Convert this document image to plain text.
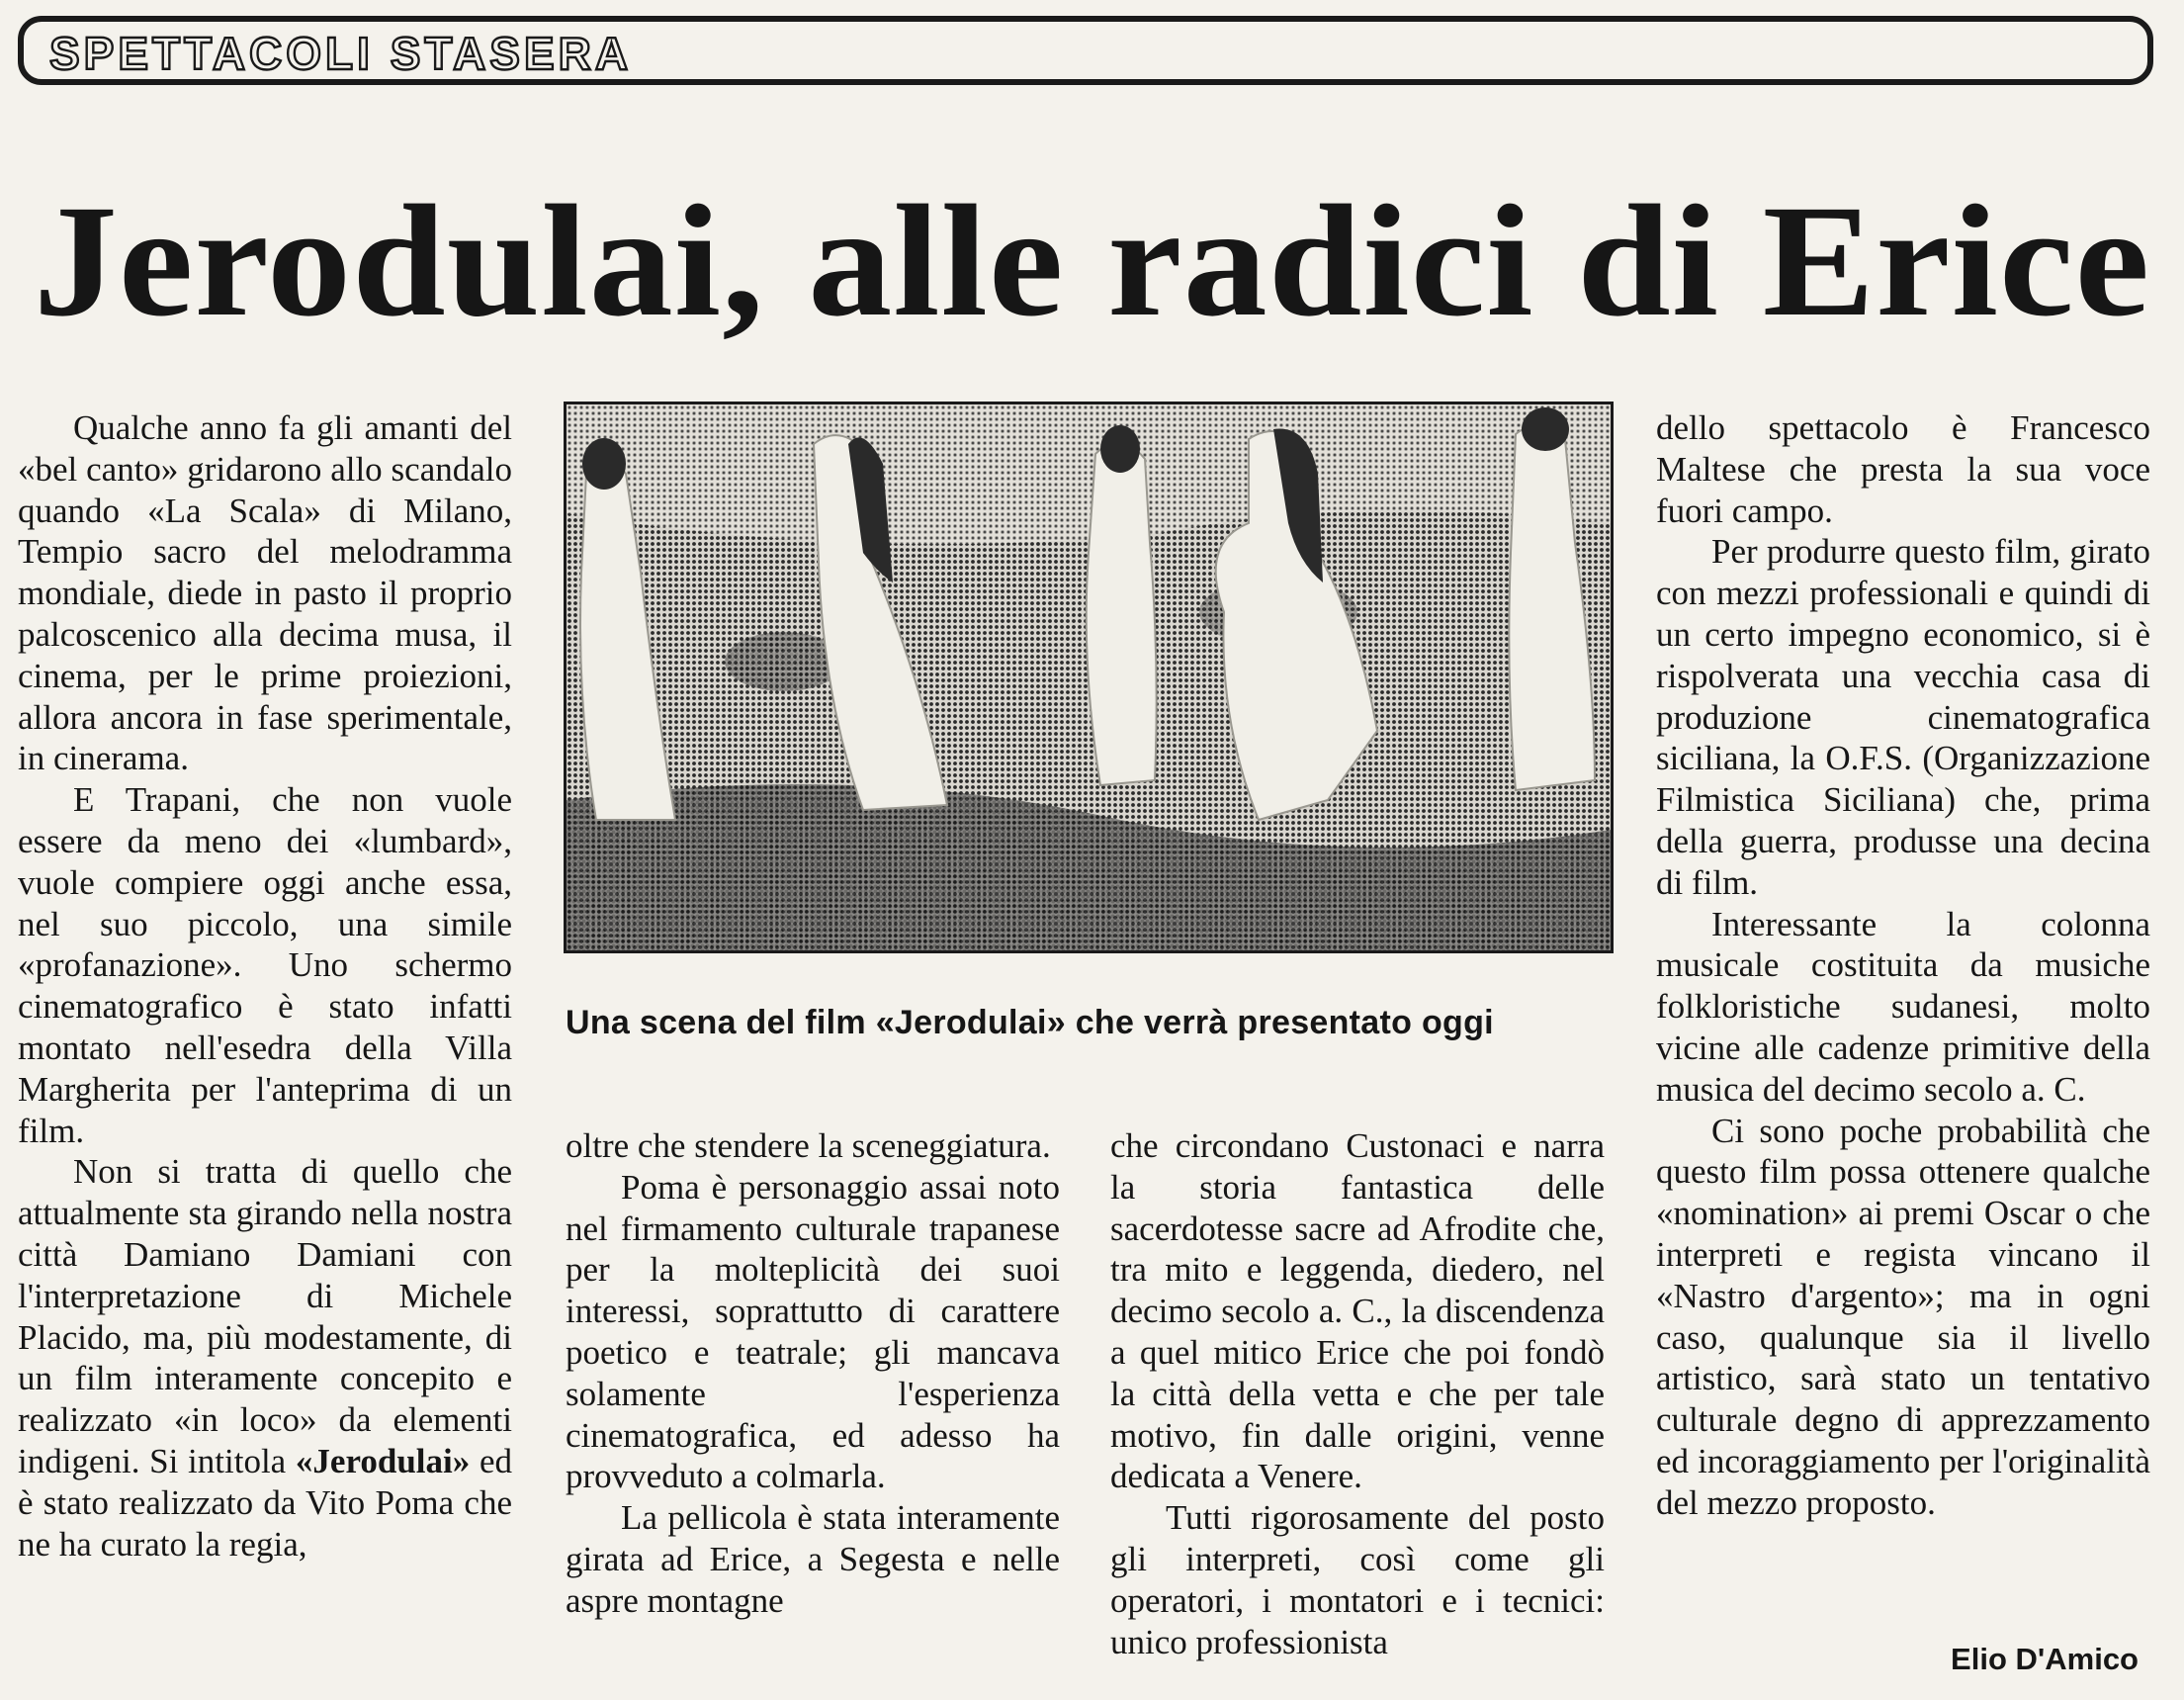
SPETTACOLI STASERA
Jerodulai, alle radici di Erice

Qualche anno fa gli amanti del «bel canto» gridarono allo scandalo quando «La Scala» di Milano, Tempio sacro del melodramma mondiale, diede in pasto il proprio palcoscenico alla decima musa, il cinema, per le prime proiezioni, allora ancora in fase sperimentale, in cinerama.

E Trapani, che non vuole essere da meno dei «lumbard», vuole compiere oggi anche essa, nel suo piccolo, una simile «profanazione». Uno schermo cinematografico è stato infatti montato nell'esedra della Villa Margherita per l'anteprima di un film.

Non si tratta di quello che attualmente sta girando nella nostra città Damiano Damiani con l'interpretazione di Michele Placido, ma, più modestamente, di un film interamente concepito e realizzato «in loco» da elementi indigeni. Si intitola «Jerodulai» ed è stato realizzato da Vito Poma che ne ha curato la regia,

Una scena del film «Jerodulai» che verrà presentato oggi

oltre che stendere la sceneggiatura.

Poma è personaggio assai noto nel firmamento culturale trapanese per la molteplicità dei suoi interessi, soprattutto di carattere poetico e teatrale; gli mancava solamente l'esperienza cinematografica, ed adesso ha provveduto a colmarla.

La pellicola è stata interamente girata ad Erice, a Segesta e nelle aspre montagne

che circondano Custonaci e narra la storia fantastica delle sacerdotesse sacre ad Afrodite che, tra mito e leggenda, diedero, nel decimo secolo a. C., la discendenza a quel mitico Erice che poi fondò la città della vetta e che per tale motivo, fin dalle origini, venne dedicata a Venere.

Tutti rigorosamente del posto gli interpreti, così come gli operatori, i montatori e i tecnici: unico professionista

dello spettacolo è Francesco Maltese che presta la sua voce fuori campo.

Per produrre questo film, girato con mezzi professionali e quindi di un certo impegno economico, si è rispolverata una vecchia casa di produzione cinematografica siciliana, la O.F.S. (Organizzazione Filmistica Siciliana) che, prima della guerra, produsse una decina di film.

Interessante la colonna musicale costituita da musiche folkloristiche sudanesi, molto vicine alle cadenze primitive della musica del decimo secolo a. C.

Ci sono poche probabilità che questo film possa ottenere qualche «nomination» ai premi Oscar o che interpreti e regista vincano il «Nastro d'argento»; ma in ogni caso, qualunque sia il livello artistico, sarà stato un tentativo culturale degno di apprezzamento ed incoraggiamento per l'originalità del mezzo proposto.

Elio D'Amico
